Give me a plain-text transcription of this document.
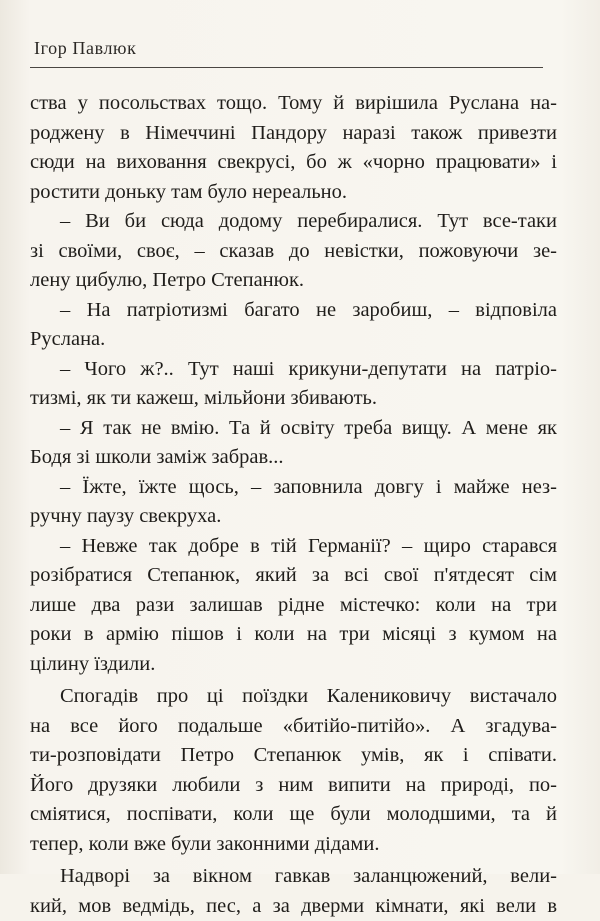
Ігор Павлюк
ства у посольствах тощо. Тому й вирішила Руслана на-
роджену в Німеччині Пандору наразі також привезти
сюди на виховання свекрусі, бо ж «чорно працювати» і
ростити доньку там було нереально.
– Ви би сюда додому перебиралися. Тут все-таки
зі своїми, своє, – сказав до невістки, пожовуючи зе-
лену цибулю, Петро Степанюк.
– На патріотизмі багато не заробиш, – відповіла
Руслана.
– Чого ж?.. Тут наші крикуни-депутати на патріо-
тизмі, як ти кажеш, мільйони збивають.
– Я так не вмію. Та й освіту треба вищу. А мене як
Бодя зі школи заміж забрав...
– Їжте, їжте щось, – заповнила довгу і майже нез-
ручну паузу свекруха.
– Невже так добре в тій Германії? – щиро старався
розібратися Степанюк, який за всі свої п'ятдесят сім
лише два рази залишав рідне містечко: коли на три
роки в армію пішов і коли на три місяці з кумом на
цілину їздили.
Спогадів про ці поїздки Калениковичу вистачало
на все його подальше «битійо-питійо». А згадува-
ти-розповідати Петро Степанюк умів, як і співати.
Його друзяки любили з ним випити на природі, по-
сміятися, поспівати, коли ще були молодшими, та й
тепер, коли вже були законними дідами.
Надворі за вікном гавкав заланцюжений, вели-
кий, мов ведмідь, пес, а за дверми кімнати, які вели в
